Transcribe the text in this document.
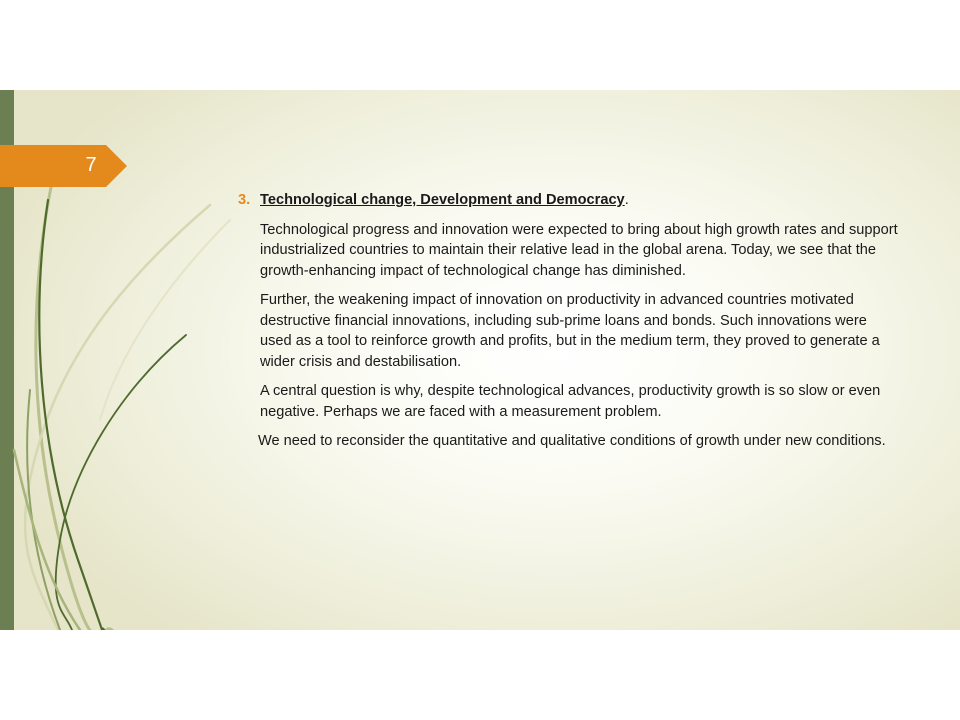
7
3. Technological change, Development and Democracy.

Technological progress and innovation were expected to bring about high growth rates and support industrialized countries to maintain their relative lead in the global arena. Today, we see that the growth-enhancing impact of technological change has diminished.

Further, the weakening impact of innovation on productivity in advanced countries motivated destructive financial innovations, including sub-prime loans and bonds. Such innovations were used as a tool to reinforce growth and profits, but in the medium term, they proved to generate a wider crisis and destabilisation.

A central question is why, despite technological advances, productivity growth is so slow or even negative. Perhaps we are faced with a measurement problem.

We need to reconsider the quantitative and qualitative conditions of growth under new conditions.
